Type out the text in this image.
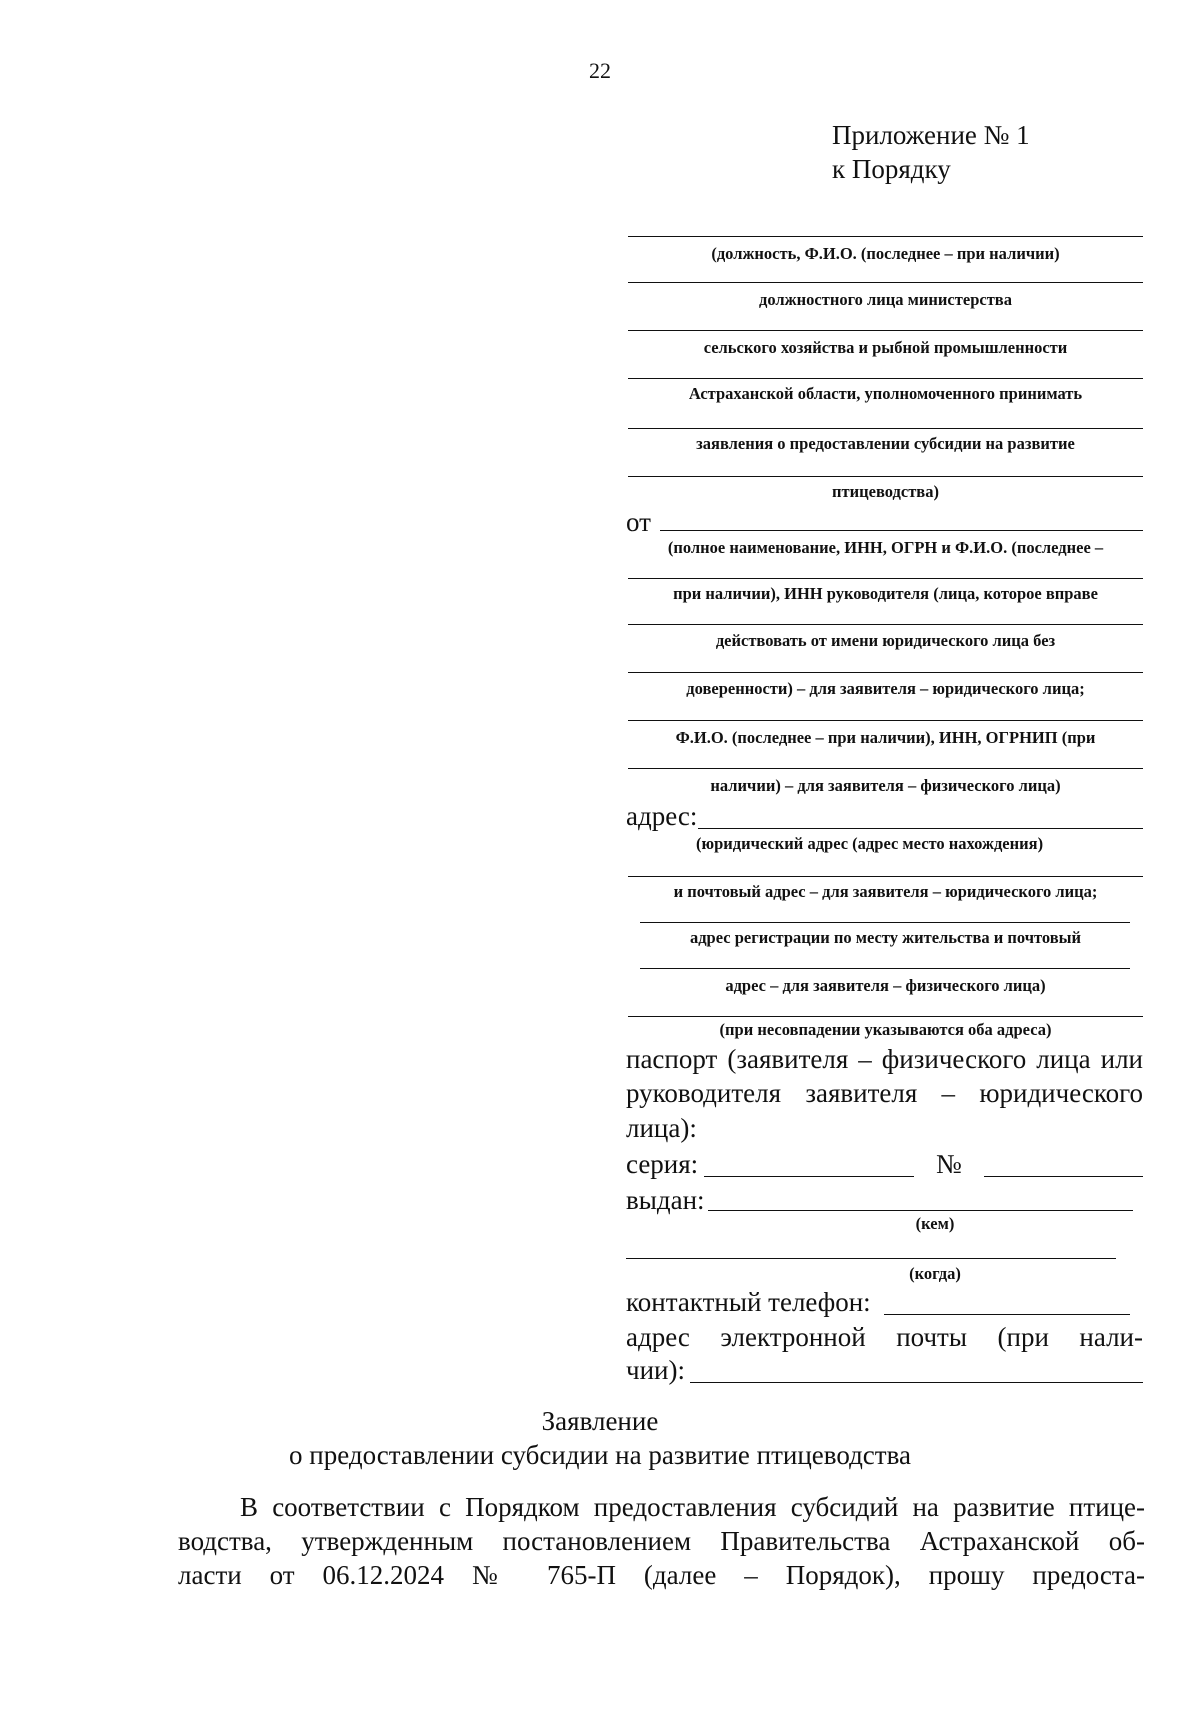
22
Приложение № 1
к Порядку
(должность, Ф.И.О. (последнее – при наличии)
должностного лица министерства
сельского хозяйства и рыбной промышленности
Астраханской области, уполномоченного принимать
заявления о предоставлении субсидии на развитие
птицеводства)
от
(полное наименование, ИНН, ОГРН и Ф.И.О. (последнее –
при наличии), ИНН руководителя (лица, которое вправе
действовать от имени юридического лица без
доверенности) – для заявителя – юридического лица;
Ф.И.О. (последнее – при наличии), ИНН, ОГРНИП (при
наличии) – для заявителя – физического лица)
адрес:
(юридический адрес (адрес место нахождения)
и почтовый адрес – для заявителя – юридического лица;
адрес регистрации по месту жительства и почтовый
адрес – для заявителя – физического лица)
(при несовпадении указываются оба адреса)
паспорт (заявителя – физического лица или
руководителя заявителя – юридического
лица):
серия:	№
выдан:
(кем)
(когда)
контактный телефон:
адрес электронной почты (при нали-
чии):
Заявление
о предоставлении субсидии на развитие птицеводства
В соответствии с Порядком предоставления субсидий на развитие птице-
водства, утвержденным постановлением Правительства Астраханской об-
ласти от 06.12.2024 № 765-П (далее – Порядок), прошу предоста-
